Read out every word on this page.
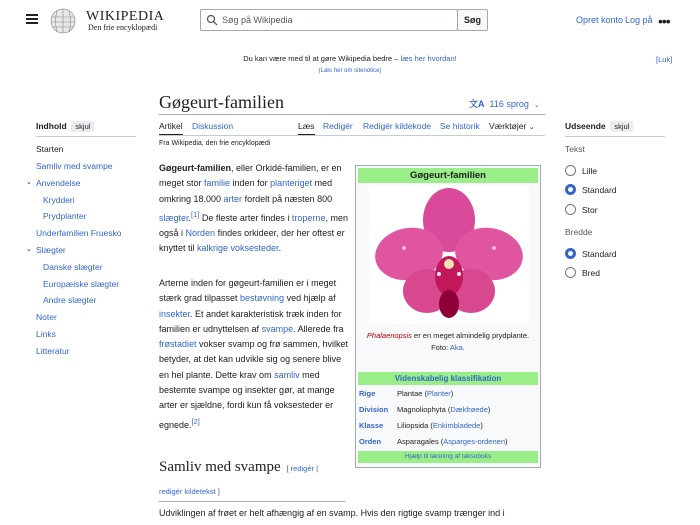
WIKIPEDIA
Den frie encyklopædi
Søg på Wikipedia	Søg	Opret konto Log på •••
Du kan være med til at gøre Wikipedia bedre – læs her hvordan!
(Læs her om sitenotice)
[Luk]
Gøgeurt-familien	文A 116 sprog ⌄
Artikel Diskussion	Læs Redigér Redigér kildekode Se historik Værktøjer ⌄
Fra Wikipedia, den frie encyklopædi
Indhold skjul
Starten
Samliv med svampe
⌄ Anvendelse
Krydderi
Prydplanter
Underfamilien Fruesko
⌄ Slægter
Danske slægter
Europæiske slægter
Andre slægter
Noter
Links
Litteratur
Udseende skjul
Tekst
Lille
Standard
Stor
Bredde
Standard
Bred

Gøgeurt-familien, eller Orkidé-familien, er en meget stor familie inden for planteriget med omkring 18.000 arter fordelt på næsten 800 slægter.[1] De fleste arter findes i troperne, men også i Norden findes orkideer, der her oftest er knyttet til kalkrige voksesteder.

Arterne inden for gøgeurt-familien er i meget stærk grad tilpasset bestøvning ved hjælp af insekter. Et andet karakteristisk træk inden for familien er udnyttelsen af svampe. Allerede fra frøstadiet vokser svamp og frø sammen, hvilket betyder, at det kan udvikle sig og senere blive en hel plante. Dette krav om samliv med bestemte svampe og insekter gør, at mange arter er sjældne, fordi kun få voksesteder er egnede.[2]

Samliv med svampe  [ redigér |
redigér kildetekst ]
Udviklingen af frøet er helt afhængig af en svamp. Hvis den rigtige svamp trænger ind i
Gøgeurt-familien
Phalaenopsis er en meget almindelig prydplante.
Foto: Aka.
Videnskabelig klassifikation
Rige	Plantae (Planter)
Division Magnoliophyta (Dækfrøede)
Klasse Liliopsida (Enkimbladede)
Orden Asparagales (Asparges-ordenen)
Hjælp til læsning af taksoboks
